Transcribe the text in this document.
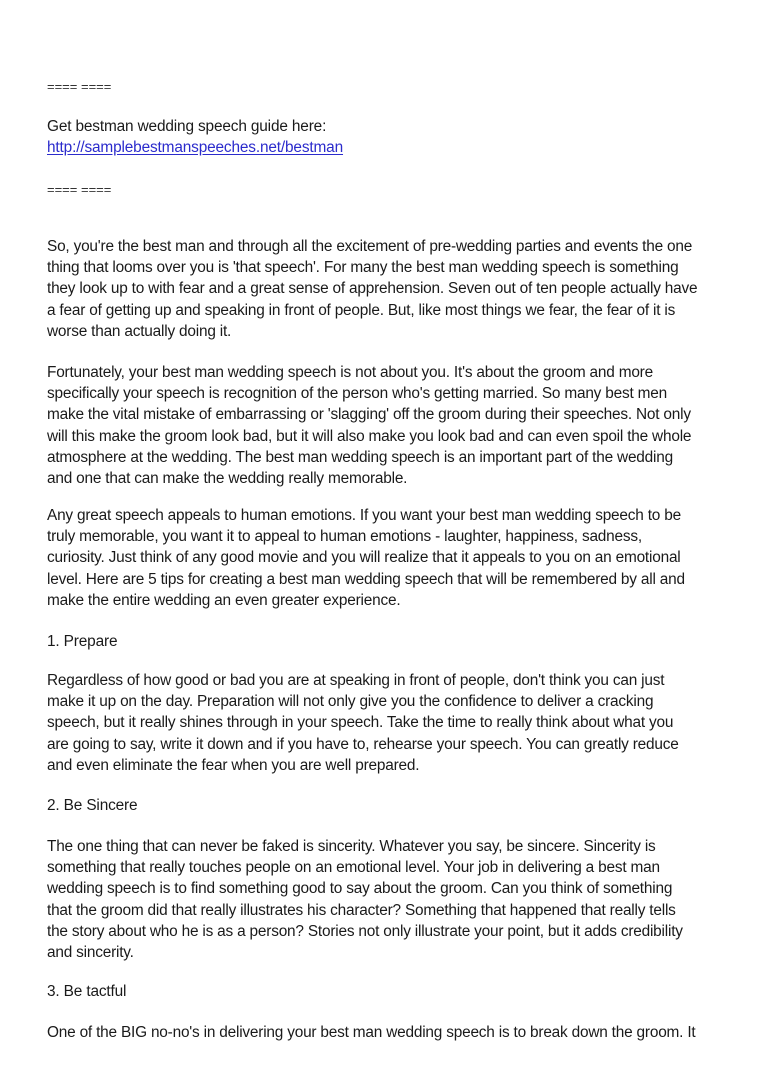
==== ====
Get bestman wedding speech guide here:
http://samplebestmanspeeches.net/bestman
==== ====
So, you're the best man and through all the excitement of pre-wedding parties and events the one
thing that looms over you is 'that speech'. For many the best man wedding speech is something
they look up to with fear and a great sense of apprehension. Seven out of ten people actually have
a fear of getting up and speaking in front of people. But, like most things we fear, the fear of it is
worse than actually doing it.
Fortunately, your best man wedding speech is not about you. It's about the groom and more
specifically your speech is recognition of the person who's getting married. So many best men
make the vital mistake of embarrassing or 'slagging' off the groom during their speeches. Not only
will this make the groom look bad, but it will also make you look bad and can even spoil the whole
atmosphere at the wedding. The best man wedding speech is an important part of the wedding
and one that can make the wedding really memorable.
Any great speech appeals to human emotions. If you want your best man wedding speech to be
truly memorable, you want it to appeal to human emotions - laughter, happiness, sadness,
curiosity. Just think of any good movie and you will realize that it appeals to you on an emotional
level. Here are 5 tips for creating a best man wedding speech that will be remembered by all and
make the entire wedding an even greater experience.
1. Prepare
Regardless of how good or bad you are at speaking in front of people, don't think you can just
make it up on the day. Preparation will not only give you the confidence to deliver a cracking
speech, but it really shines through in your speech. Take the time to really think about what you
are going to say, write it down and if you have to, rehearse your speech. You can greatly reduce
and even eliminate the fear when you are well prepared.
2. Be Sincere
The one thing that can never be faked is sincerity. Whatever you say, be sincere. Sincerity is
something that really touches people on an emotional level. Your job in delivering a best man
wedding speech is to find something good to say about the groom. Can you think of something
that the groom did that really illustrates his character? Something that happened that really tells
the story about who he is as a person? Stories not only illustrate your point, but it adds credibility
and sincerity.
3. Be tactful
One of the BIG no-no's in delivering your best man wedding speech is to break down the groom. It
